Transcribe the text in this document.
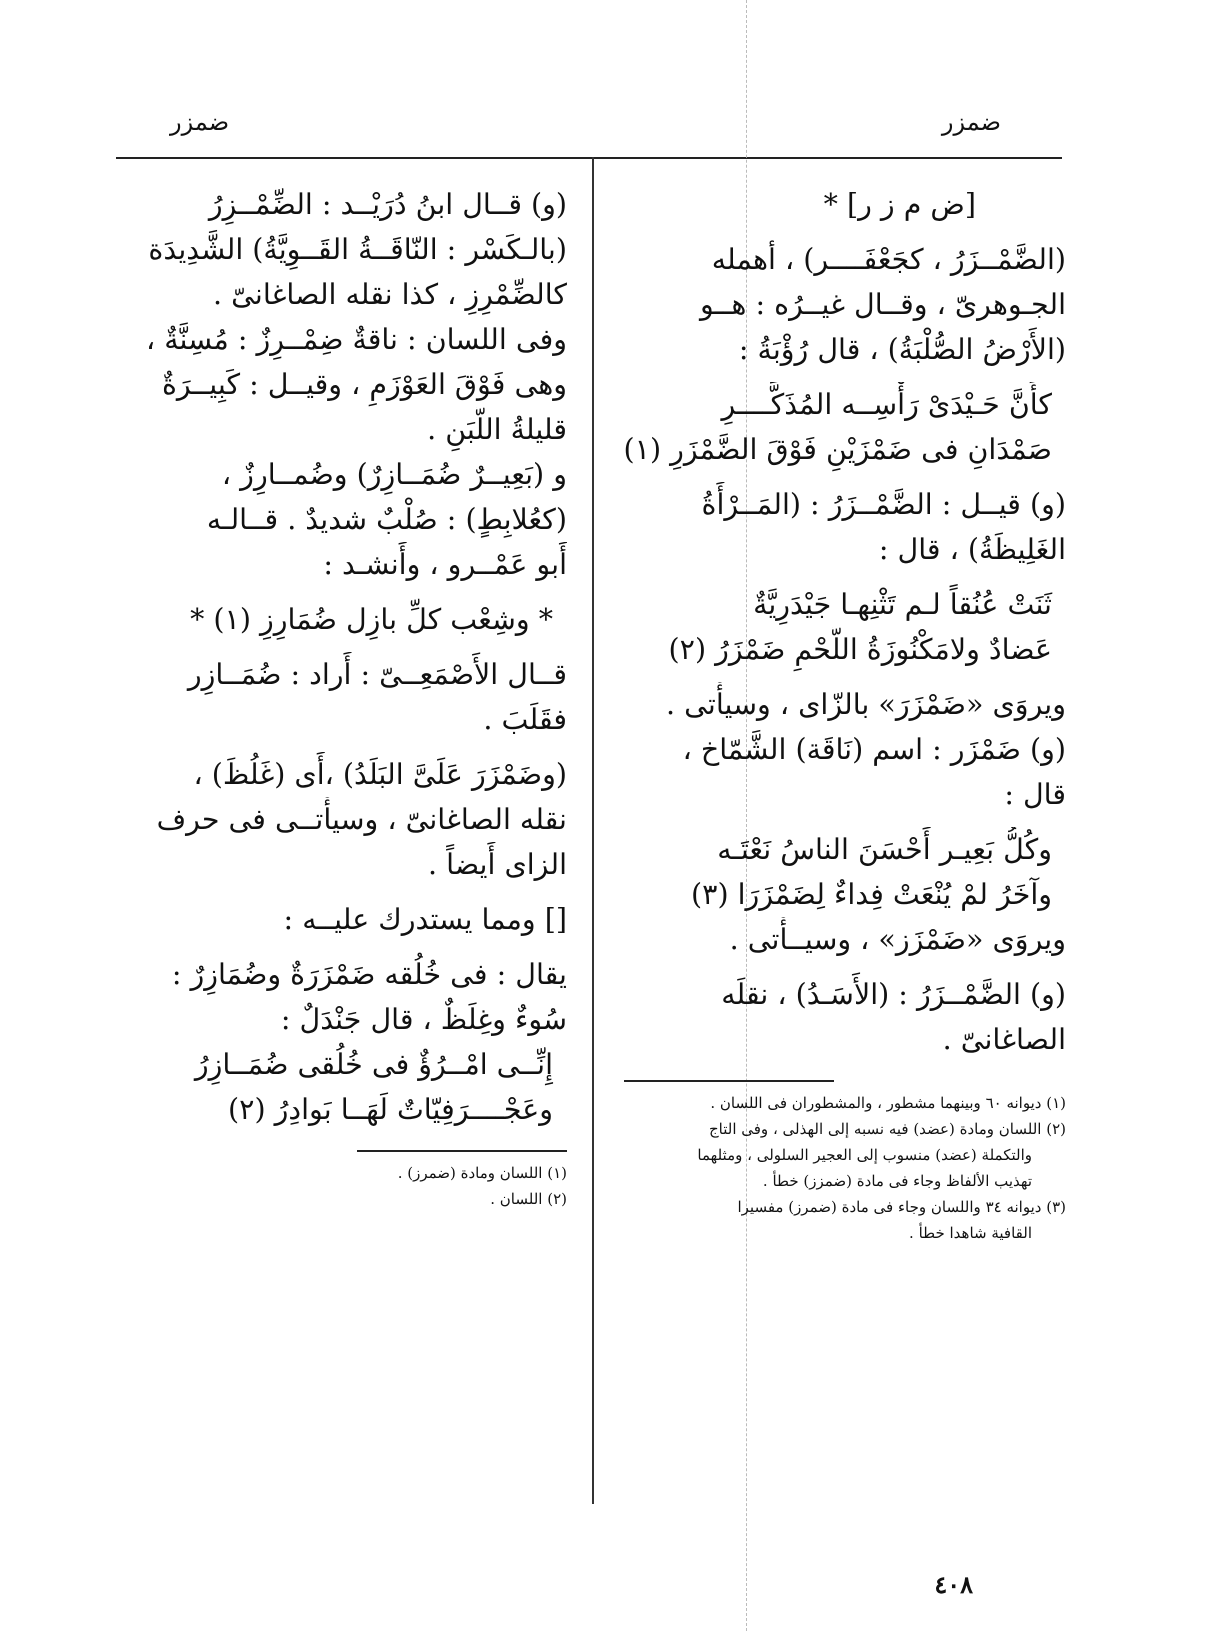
ضمزر
ضمزر
[ض م ز ر] *
(الضَّمْــزَرُ ، كجَعْفَــــر) ، أهمله
الجـوهرىّ ، وقــال غيــرُه : هــو
(الأَرْضُ الصُّلْبَةُ) ، قال رُؤْبَةُ :
كأَنَّ حَـيْدَىْ رَأْسِــه المُذَكَّــــرِ
صَمْدَانِ فى ضَمْزَيْنِ فَوْقَ الضَّمْزَرِ (١)
(و) قيــل : الضَّمْــزَرُ : (المَــرْأَةُ
الغَلِيظَةُ) ، قال :
ثَنَتْ عُنُقاً لـم تَثْنِهـا جَيْدَرِيَّةٌ
عَضادٌ ولامَكْنُوزَةُ اللَّحْمِ ضَمْزَرُ (٢)
ويروَى «ضَمْزَرَ» بالزّاى ، وسيأْتى .
(و) ضَمْزَر : اسم (نَاقَة) الشَّمّاخ ،
قال :
وكُلُّ بَعِيـر أَحْسَنَ الناسُ نَعْتَـه
وآخَرُ لمْ يُنْعَتْ فِداءٌ لِضَمْزَرَا (٣)
ويروَى «ضَمْزَز» ، وسيــأْتى .
(و) الضَّمْــزَرُ : (الأَسَـدُ) ، نقلَه
الصاغانىّ .
(١) ديوانه ٦٠ وبينهما مشطور ، والمشطوران فى اللسان .
(٢) اللسان ومادة (عضد) فيه نسبه إلى الهذلى ، وفى التاج
والتكملة (عضد) منسوب إلى العجير السلولى ، ومثلهما
تهذيب الألفاظ وجاء فى مادة (ضمزز) خطأ .
(٣) ديوانه ٣٤ واللسان وجاء فى مادة (ضمرز) مفسيرا
القافية شاهدا خطأ .
(و) قــال ابنُ دُرَيْــد : الضِّمْــزِرُ
(بالـكَسْر : النّاقَــةُ القَــوِيَّةُ) الشَّدِيدَة
كالضِّمْرِزِ ، كذا نقله الصاغانىّ .
وفى اللسان : ناقةٌ ضِمْــرِزٌ : مُسِنَّةٌ ،
وهى فَوْقَ العَوْزَمِ ، وقيــل : كَبِيــرَةٌ
قليلةُ اللَّبَنِ .
و (بَعِيــرٌ ضُمَــازِرٌ) وضُمــارِزٌ ،
(كعُلابِطٍ) : صُلْبٌ شديدٌ . قــالـه
أَبو عَمْــرو ، وأَنشـد :
* وشِعْب كلِّ بازِل ضُمَارِزِ (١) *
قــال الأَصْمَعِــىّ : أَراد : ضُمَــازِر
فقَلَبَ .
(وضَمْزَرَ عَلَىَّ البَلَدُ) ،أَى (غَلُظَ) ،
نقله الصاغانىّ ، وسيأْتــى فى حرف
الزاى أَيضاً .
[] ومما يستدرك عليــه :
يقال : فى خُلُقه ضَمْزَرَةٌ وضُمَازِرٌ :
سُوءٌ وغِلَظٌ ، قال جَنْدَلٌ :
إِنِّــى امْــرُؤٌ فى خُلُقى ضُمَــازِرُ
وعَجْــــرَفِيّاتٌ لَهَــا بَوادِرُ (٢)
(١) اللسان ومادة (ضمرز) .
(٢) اللسان .
٤٠٨
